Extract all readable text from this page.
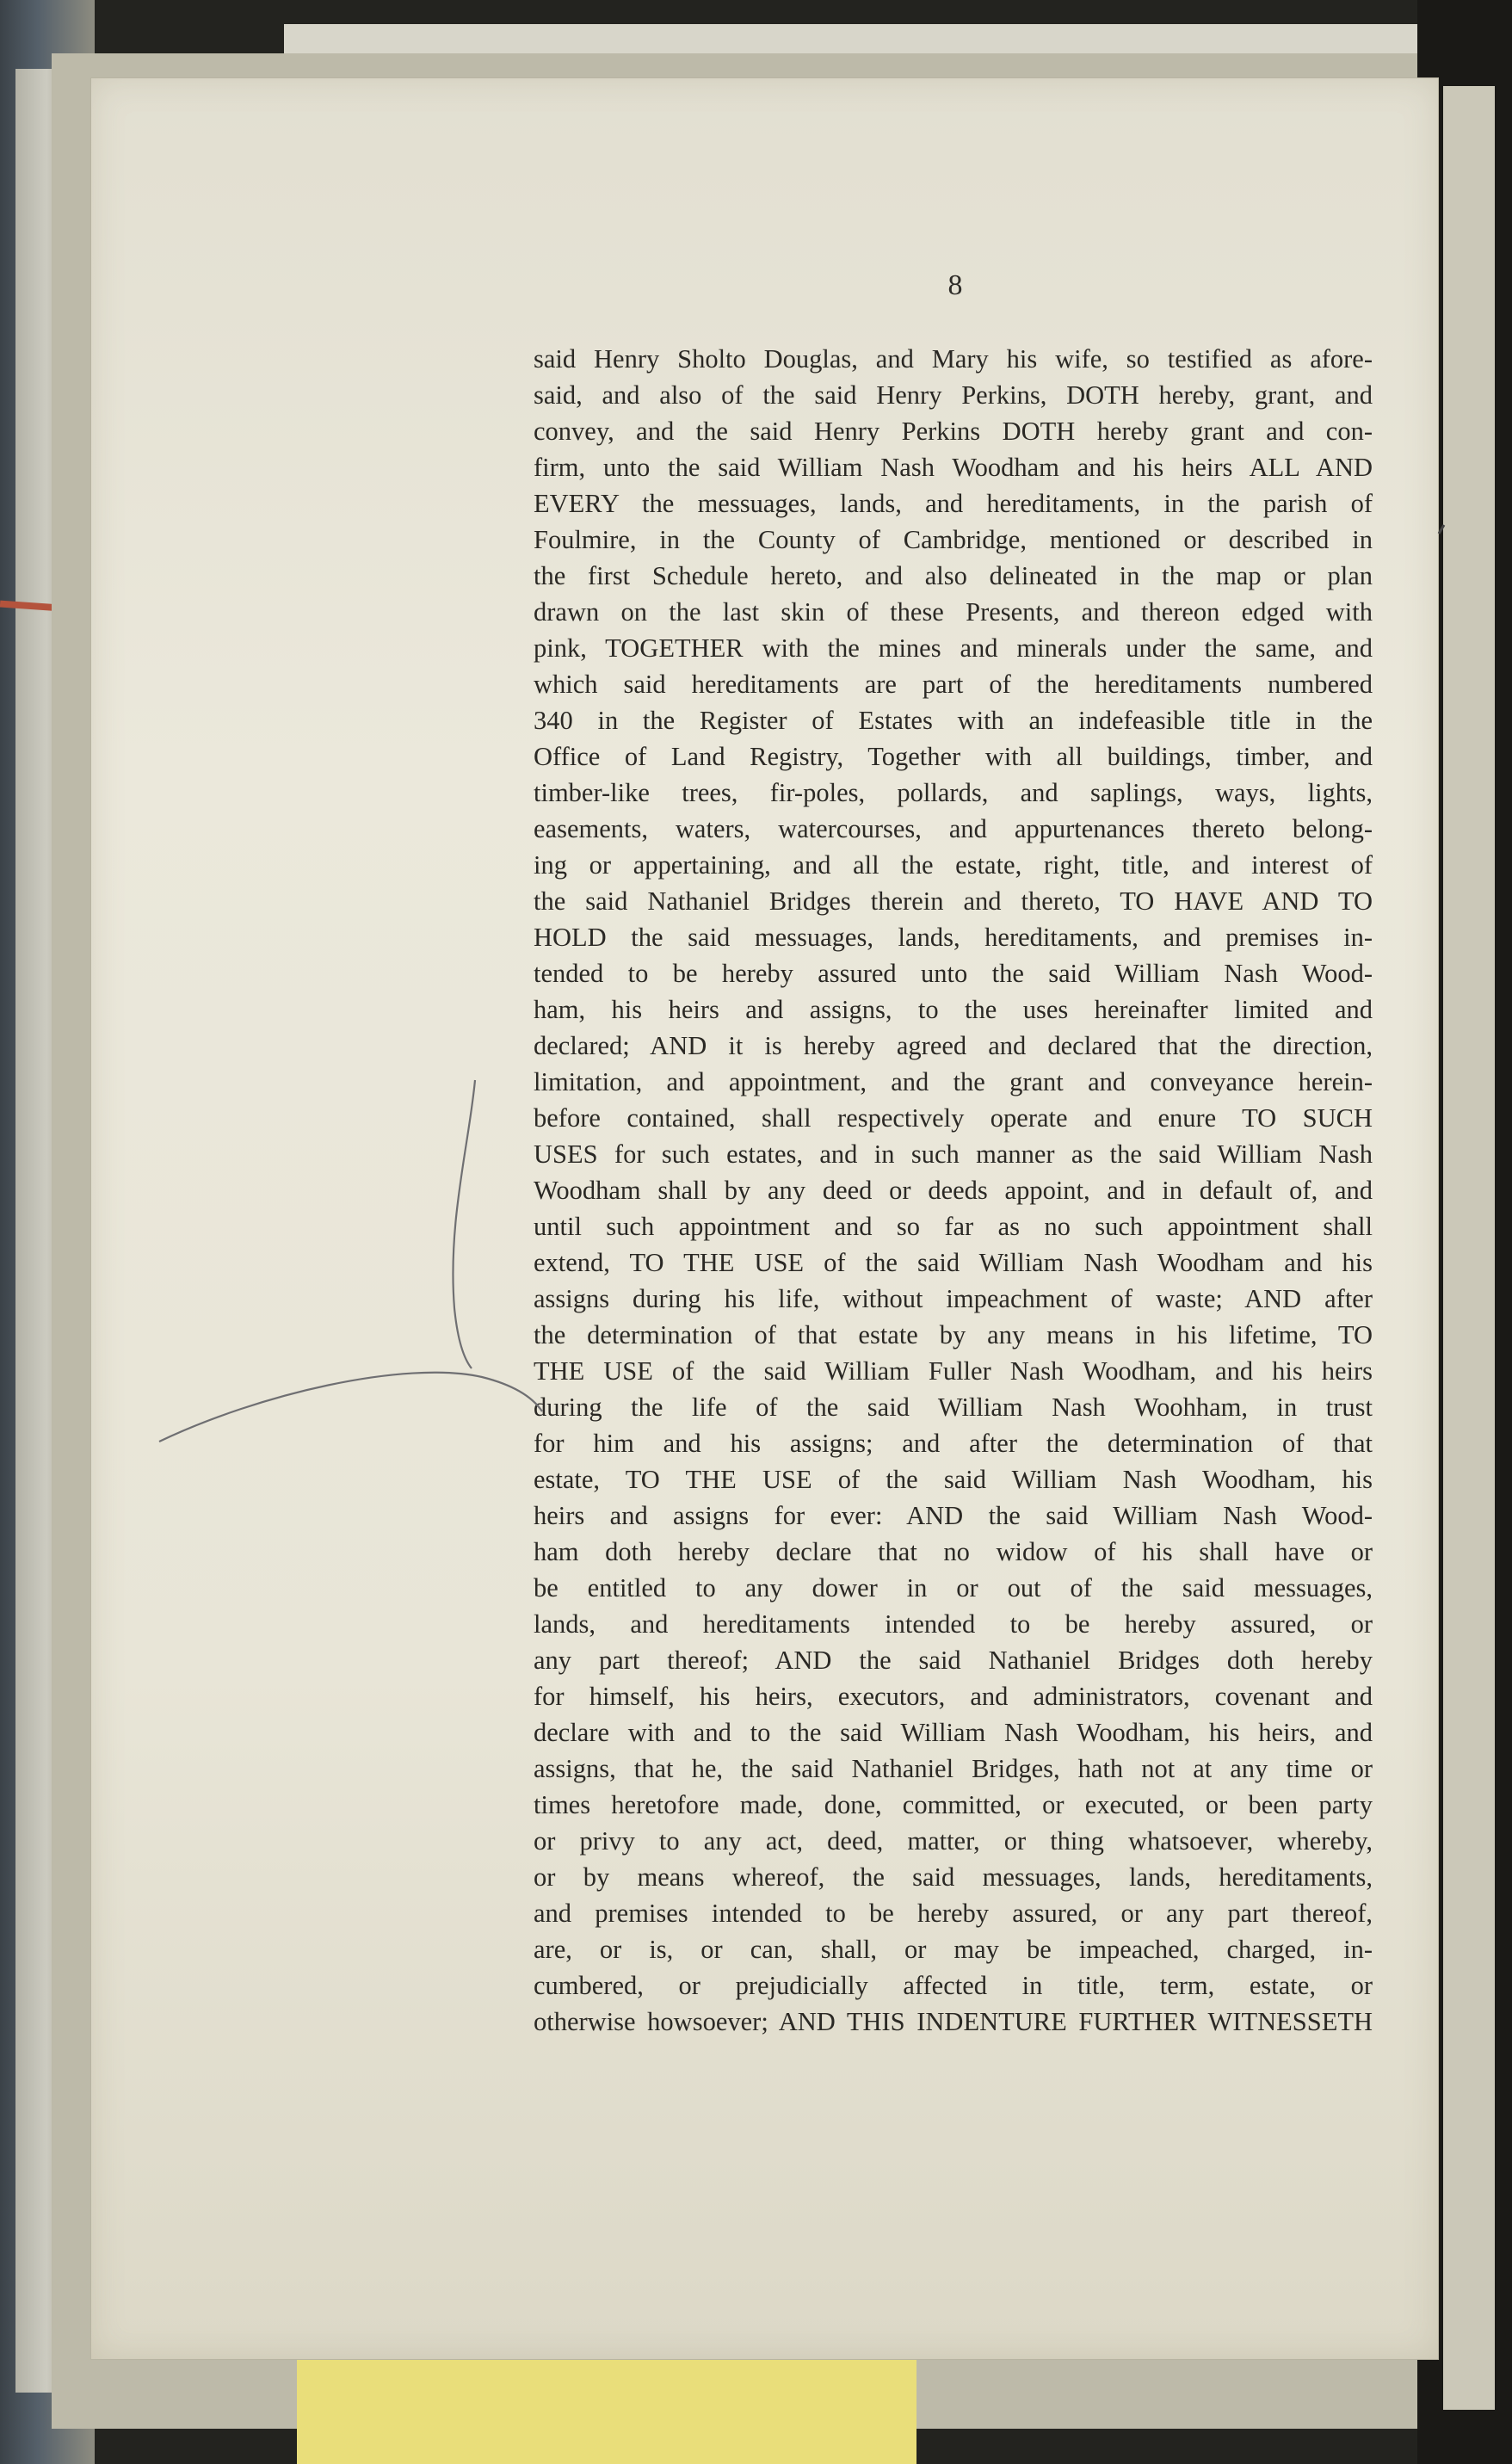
8
said Henry Sholto Douglas, and Mary his wife, so testified as afore-
said, and also of the said Henry Perkins, DOTH hereby, grant, and
convey, and the said Henry Perkins DOTH hereby grant and con-
firm, unto the said William Nash Woodham and his heirs ALL AND
EVERY the messuages, lands, and hereditaments, in the parish of
Foulmire, in the County of Cambridge, mentioned or described in
the first Schedule hereto, and also delineated in the map or plan
drawn on the last skin of these Presents, and thereon edged with
pink, TOGETHER with the mines and minerals under the same, and
which said hereditaments are part of the hereditaments numbered
340 in the Register of Estates with an indefeasible title in the
Office of Land Registry, Together with all buildings, timber, and
timber-like trees, fir-poles, pollards, and saplings, ways, lights,
easements, waters, watercourses, and appurtenances thereto belong-
ing or appertaining, and all the estate, right, title, and interest of
the said Nathaniel Bridges therein and thereto, TO HAVE AND TO
HOLD the said messuages, lands, hereditaments, and premises in-
tended to be hereby assured unto the said William Nash Wood-
ham, his heirs and assigns, to the uses hereinafter limited and
declared; AND it is hereby agreed and declared that the direction,
limitation, and appointment, and the grant and conveyance herein-
before contained, shall respectively operate and enure TO SUCH
USES for such estates, and in such manner as the said William Nash
Woodham shall by any deed or deeds appoint, and in default of, and
until such appointment and so far as no such appointment shall
extend, TO THE USE of the said William Nash Woodham and his
assigns during his life, without impeachment of waste; AND after
the determination of that estate by any means in his lifetime, TO
THE USE of the said William Fuller Nash Woodham, and his heirs
during the life of the said William Nash Woohham, in trust
for him and his assigns; and after the determination of that
estate, TO THE USE of the said William Nash Woodham, his
heirs and assigns for ever: AND the said William Nash Wood-
ham doth hereby declare that no widow of his shall have or
be entitled to any dower in or out of the said messuages,
lands, and hereditaments intended to be hereby assured, or
any part thereof; AND the said Nathaniel Bridges doth hereby
for himself, his heirs, executors, and administrators, covenant and
declare with and to the said William Nash Woodham, his heirs, and
assigns, that he, the said Nathaniel Bridges, hath not at any time or
times heretofore made, done, committed, or executed, or been party
or privy to any act, deed, matter, or thing whatsoever, whereby,
or by means whereof, the said messuages, lands, hereditaments,
and premises intended to be hereby assured, or any part thereof,
are, or is, or can, shall, or may be impeached, charged, in-
cumbered, or prejudicially affected in title, term, estate, or
otherwise howsoever; AND THIS INDENTURE FURTHER WITNESSETH
